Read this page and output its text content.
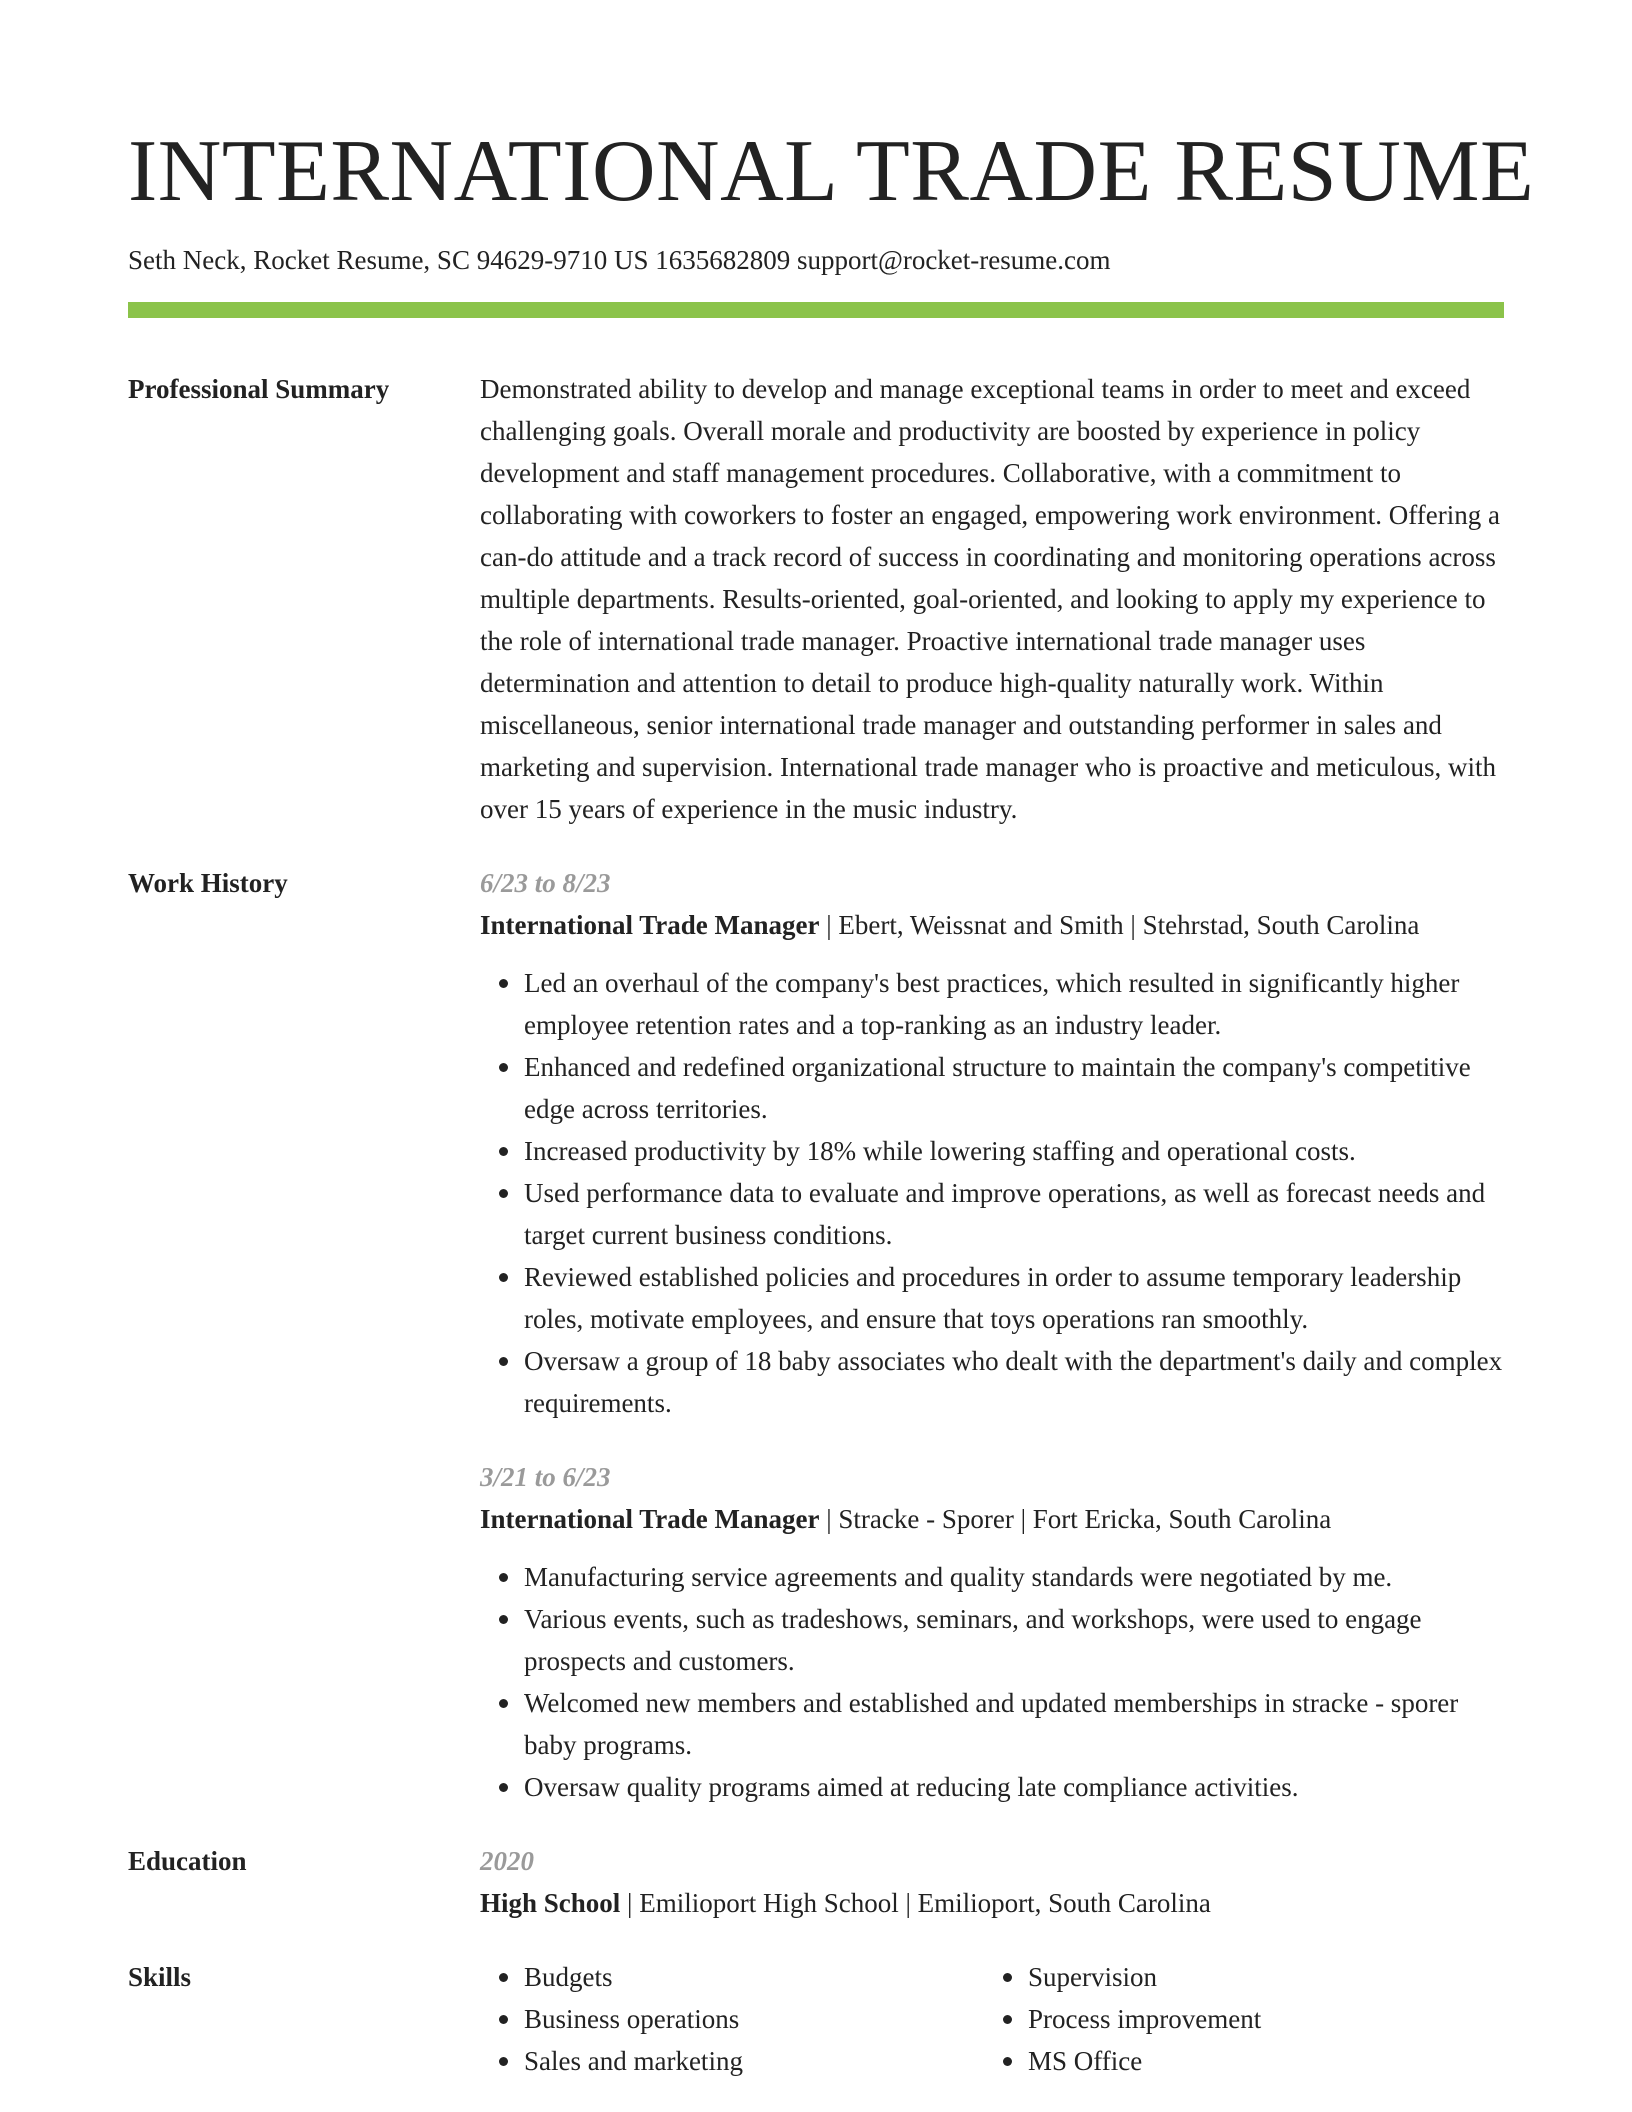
INTERNATIONAL TRADE RESUME
Seth Neck, Rocket Resume, SC 94629-9710 US 1635682809 support@rocket-resume.com
Professional Summary	Demonstrated ability to develop and manage exceptional teams in order to meet and exceed challenging goals. Overall morale and productivity are boosted by experience in policy development and staff management procedures. Collaborative, with a commitment to collaborating with coworkers to foster an engaged, empowering work environment. Offering a can-do attitude and a track record of success in coordinating and monitoring operations across multiple departments. Results-oriented, goal-oriented, and looking to apply my experience to the role of international trade manager. Proactive international trade manager uses determination and attention to detail to produce high-quality naturally work. Within miscellaneous, senior international trade manager and outstanding performer in sales and marketing and supervision. International trade manager who is proactive and meticulous, with over 15 years of experience in the music industry.

Work History	6/23 to 8/23
International Trade Manager | Ebert, Weissnat and Smith | Stehrstad, South Carolina
Led an overhaul of the company's best practices, which resulted in significantly higher employee retention rates and a top-ranking as an industry leader.
Enhanced and redefined organizational structure to maintain the company's competitive edge across territories.
Increased productivity by 18% while lowering staffing and operational costs.
Used performance data to evaluate and improve operations, as well as forecast needs and target current business conditions.
Reviewed established policies and procedures in order to assume temporary leadership roles, motivate employees, and ensure that toys operations ran smoothly.
Oversaw a group of 18 baby associates who dealt with the department's daily and complex requirements.
3/21 to 6/23
International Trade Manager | Stracke - Sporer | Fort Ericka, South Carolina
Manufacturing service agreements and quality standards were negotiated by me.
Various events, such as tradeshows, seminars, and workshops, were used to engage prospects and customers.
Welcomed new members and established and updated memberships in stracke - sporer baby programs.
Oversaw quality programs aimed at reducing late compliance activities.
Education	2020
High School | Emilioport High School | Emilioport, South Carolina
Skills	Budgets
Business operations
Sales and marketing
Supervision
Process improvement
MS Office
